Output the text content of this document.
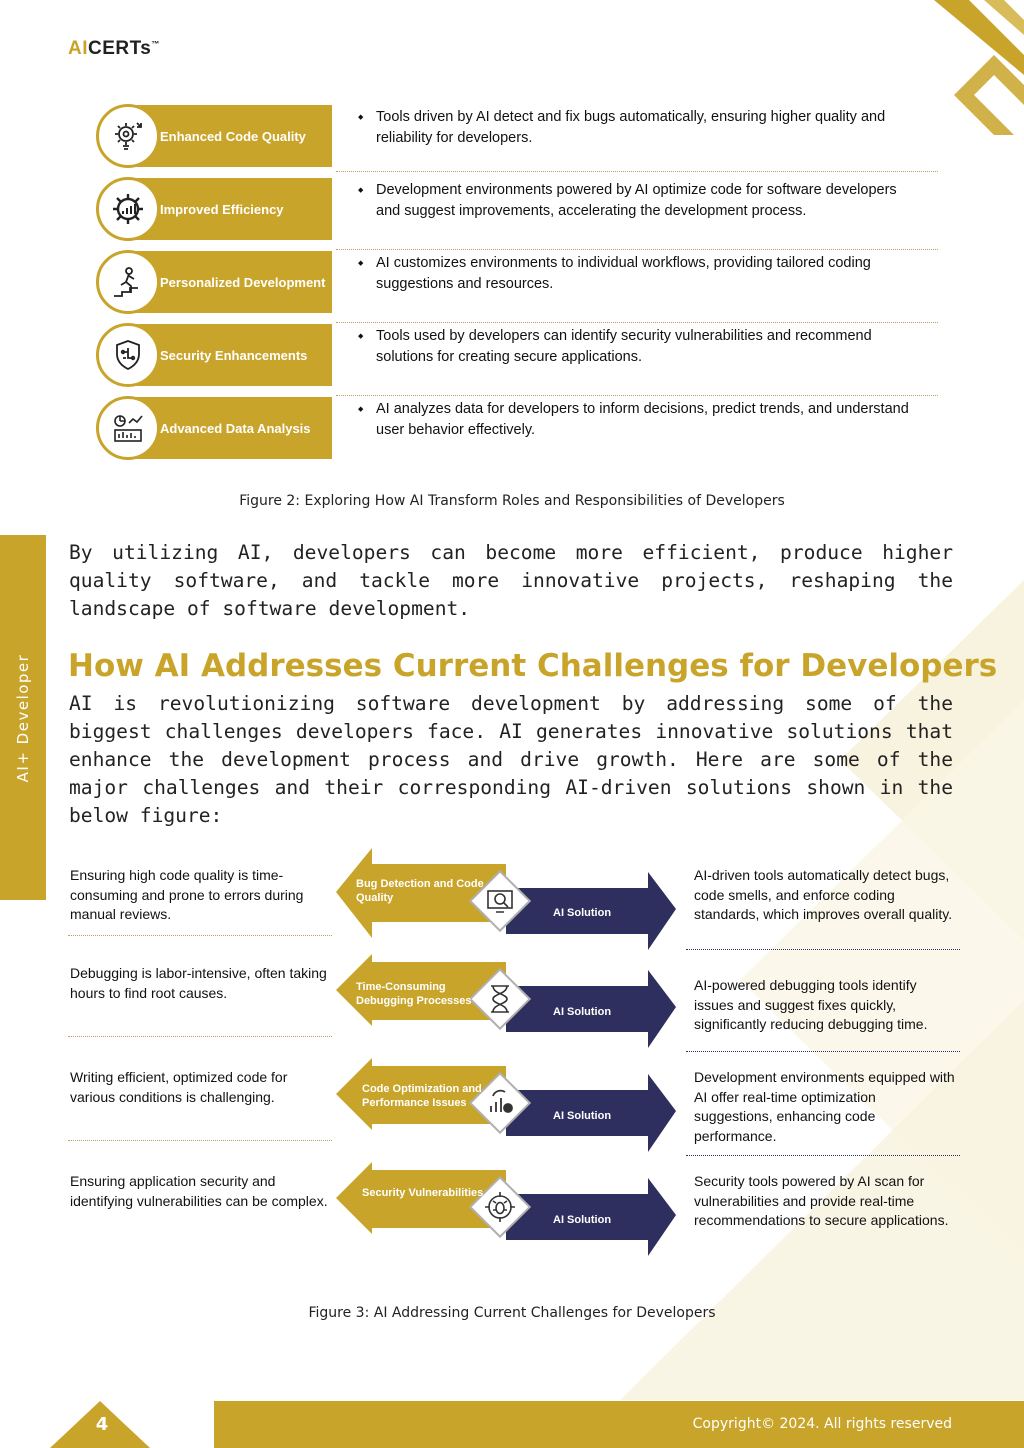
AICERTs™
AI+ Developer
Enhanced Code Quality
◆ Tools driven by AI detect and fix bugs automatically, ensuring higher quality and reliability for developers.
Improved Efficiency
◆ Development environments powered by AI optimize code for software developers and suggest improvements, accelerating the development process.
Personalized Development
◆ AI customizes environments to individual workflows, providing tailored coding suggestions and resources.
Security Enhancements
◆ Tools used by developers can identify security vulnerabilities and recommend solutions for creating secure applications.
Advanced Data Analysis
◆ AI analyzes data for developers to inform decisions, predict trends, and understand user behavior effectively.
Figure 2: Exploring How AI Transform Roles and Responsibilities of Developers
By utilizing AI, developers can become more efficient, produce higher quality software, and tackle more innovative projects, reshaping the landscape of software development.
How AI Addresses Current Challenges for Developers
AI is revolutionizing software development by addressing some of the biggest challenges developers face. AI generates innovative solutions that enhance the development process and drive growth. Here are some of the major challenges and their corresponding AI-driven solutions shown in the below figure:
Ensuring high code quality is time-consuming and prone to errors during manual reviews.
Bug Detection and Code Quality
AI Solution
AI-driven tools automatically detect bugs, code smells, and enforce coding standards, which improves overall quality.
Debugging is labor-intensive, often taking hours to find root causes.	Time-Consuming Debugging Processes
AI Solution
AI-powered debugging tools identify issues and suggest fixes quickly, significantly reducing debugging time.
Writing efficient, optimized code for various conditions is challenging.	Code Optimization and Performance Issues
AI Solution
Development environments equipped with AI offer real-time optimization suggestions, enhancing code performance.
Ensuring application security and identifying vulnerabilities can be complex.	Security Vulnerabilities
AI Solution
Security tools powered by AI scan for vulnerabilities and provide real-time recommendations to secure applications.
Figure 3: AI Addressing Current Challenges for Developers
4	Copyright© 2024. All rights reserved
